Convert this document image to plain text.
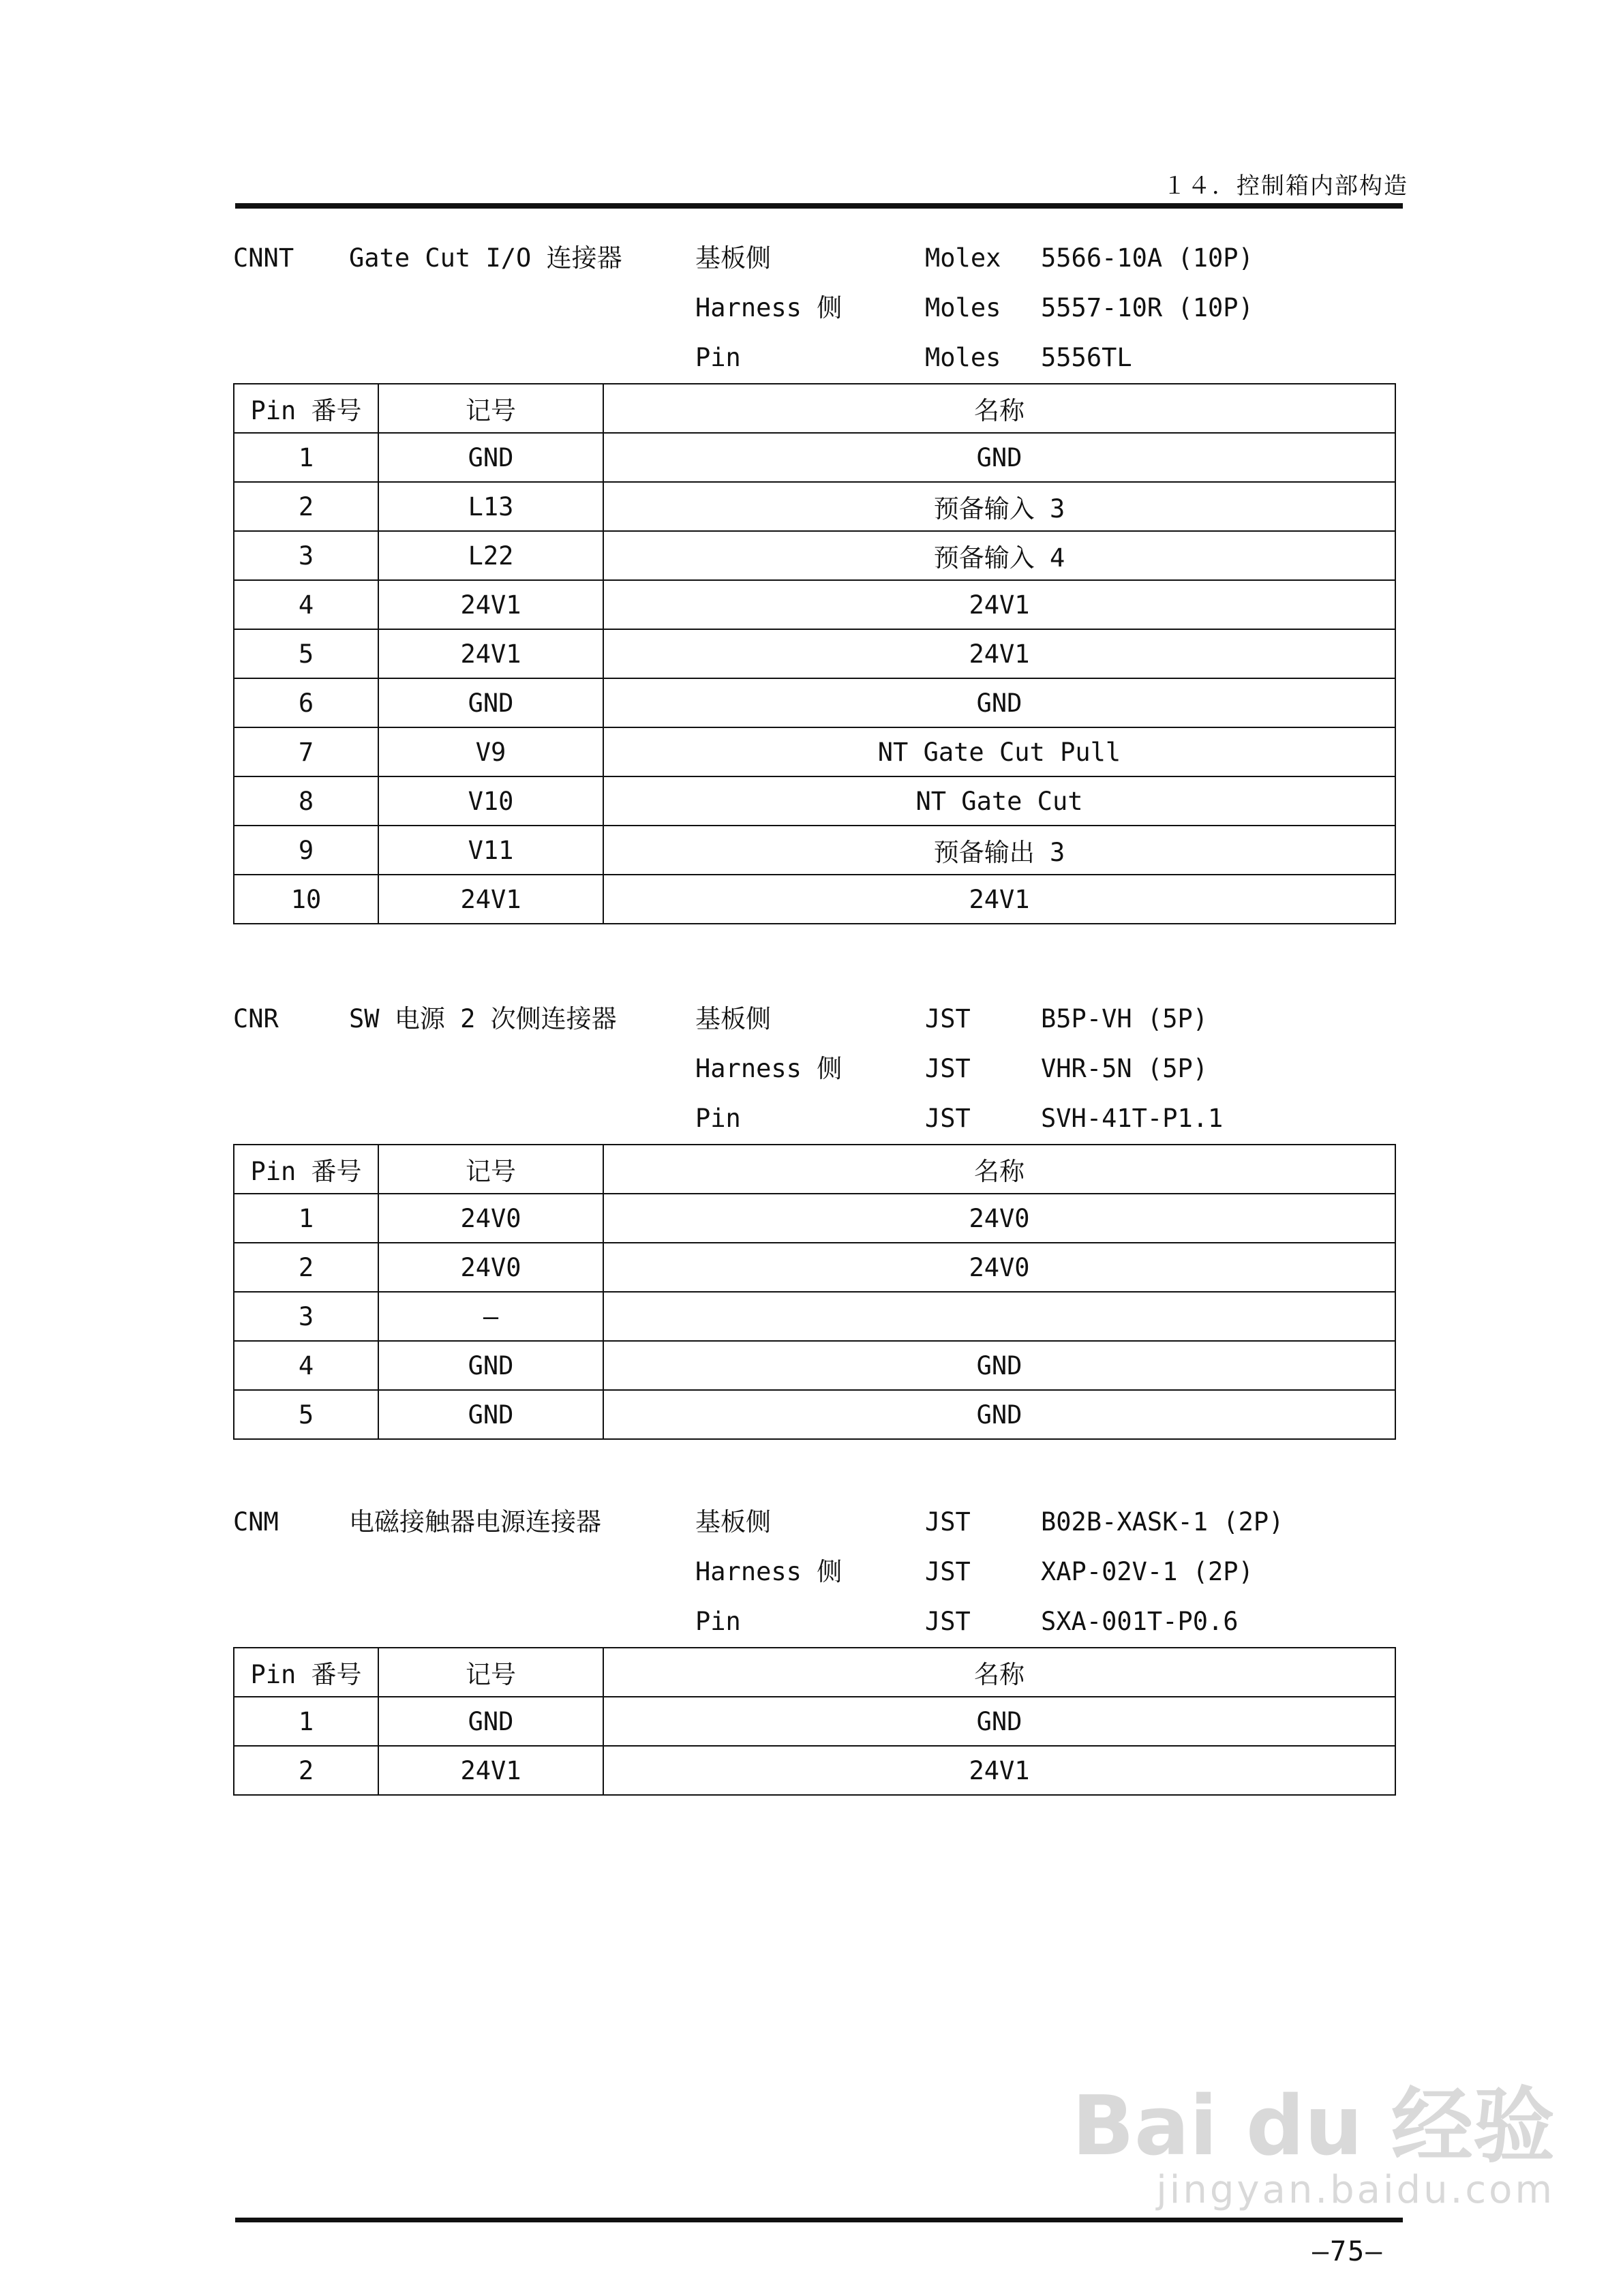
１４．控制箱内部构造
CNNT Gate Cut I/O 连接器	基板侧	Molex 5566-10A (10P)
Harness 侧	Moles 5557-10R (10P)
Pin	Moles 5556TL
Pin 番号	记号	名称
1	GND	GND
2	L13	预备输入 3
3	L22	预备输入 4
4	24V1	24V1
5	24V1	24V1
6	GND	GND
7	V9	NT Gate Cut Pull
8	V10	NT Gate Cut
9	V11	预备输出 3
10	24V1	24V1
CNR	SW 电源 2 次侧连接器	基板侧	JST	B5P-VH (5P)
Harness 侧	JST	VHR-5N (5P)
Pin	JST	SVH-41T-P1.1
Pin 番号	记号	名称
1	24V0	24V0
2	24V0	24V0
3	—	
4	GND	GND
5	GND	GND
CNM	电磁接触器电源连接器	基板侧	JST	B02B-XASK-1 (2P)
Harness 侧	JST	XAP-02V-1 (2P)
Pin	JST	SXA-001T-P0.6
Pin 番号	记号	名称
1	GND	GND
2	24V1	24V1
Bai du 经验
jingyan.baidu.com
—75—
